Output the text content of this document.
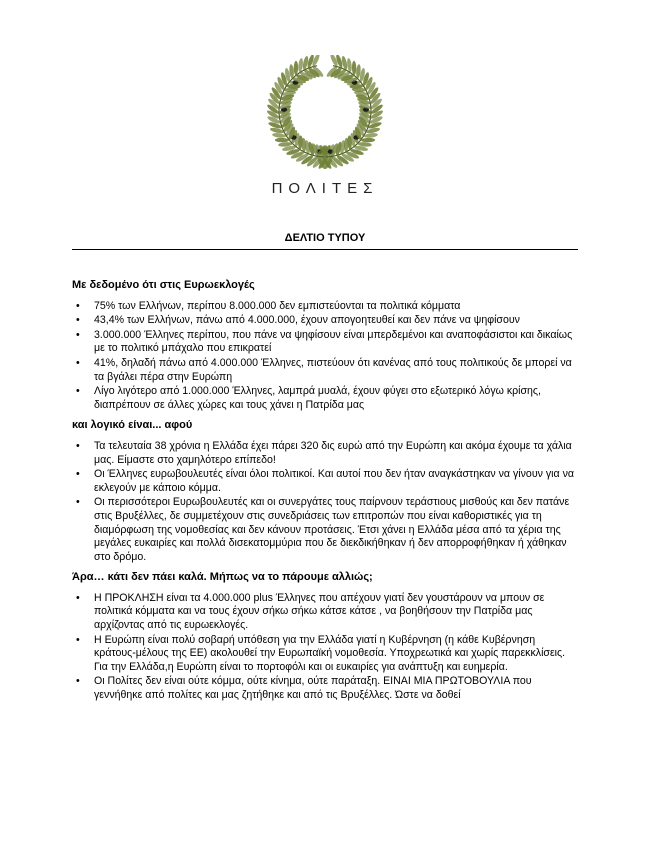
ΠΟΛΙΤΕΣ
ΔΕΛΤΙΟ ΤΥΠΟΥ
Με δεδομένο ότι στις Ευρωεκλογές
• 75% των Ελλήνων, περίπου 8.000.000 δεν εμπιστεύονται τα πολιτικά κόμματα
• 43,4% των Ελλήνων, πάνω από 4.000.000, έχουν απογοητευθεί και δεν πάνε να ψηφίσουν
• 3.000.000 Έλληνες περίπου, που πάνε να ψηφίσουν είναι μπερδεμένοι και αναποφάσιστοι και δικαίως με το πολιτικό μπάχαλο που επικρατεί
• 41%, δηλαδή πάνω από 4.000.000 Έλληνες, πιστεύουν ότι κανένας από τους πολιτικούς δε μπορεί να τα βγάλει πέρα στην Ευρώπη
• Λίγο λιγότερο από 1.000.000 Έλληνες, λαμπρά μυαλά, έχουν φύγει στο εξωτερικό λόγω κρίσης, διαπρέπουν σε άλλες χώρες και τους χάνει η Πατρίδα μας
και λογικό είναι... αφού
• Τα τελευταία 38 χρόνια η Ελλάδα έχει πάρει 320 δις ευρώ από την Ευρώπη και ακόμα έχουμε τα χάλια μας. Είμαστε στο χαμηλότερο επίπεδο!
• Οι Έλληνες ευρωβουλευτές είναι όλοι πολιτικοί. Και αυτοί που δεν ήταν αναγκάστηκαν να γίνουν για να εκλεγούν με κάποιο κόμμα.
• Οι περισσότεροι Ευρωβουλευτές και οι συνεργάτες τους παίρνουν τεράστιους μισθούς και δεν πατάνε στις Βρυξέλλες, δε συμμετέχουν στις συνεδριάσεις των επιτροπών που είναι καθοριστικές για τη διαμόρφωση της νομοθεσίας και δεν κάνουν προτάσεις. Έτσι χάνει η Ελλάδα μέσα από τα χέρια της μεγάλες ευκαιρίες και πολλά δισεκατομμύρια που δε διεκδικήθηκαν ή δεν απορροφήθηκαν ή χάθηκαν στο δρόμο.
Άρα… κάτι δεν πάει καλά. Μήπως να το πάρουμε αλλιώς;
• Η ΠΡΟΚΛΗΣΗ είναι τα 4.000.000 plus Έλληνες που απέχουν γιατί δεν γουστάρουν να μπουν σε πολιτικά κόμματα και να τους έχουν σήκω σήκω κάτσε κάτσε , να βοηθήσουν την Πατρίδα μας αρχίζοντας από τις ευρωεκλογές.
• Η Ευρώπη είναι πολύ σοβαρή υπόθεση για την Ελλάδα γιατί η Κυβέρνηση (η κάθε Κυβέρνηση κράτους-μέλους της ΕΕ) ακολουθεί την Ευρωπαϊκή νομοθεσία. Υποχρεωτικά και χωρίς παρεκκλίσεις. Για την Ελλάδα,η Ευρώπη είναι το πορτοφόλι και οι ευκαιρίες για ανάπτυξη και ευημερία.
• Οι Πολίτες δεν είναι ούτε κόμμα, ούτε κίνημα, ούτε παράταξη. ΕΙΝΑΙ ΜΙΑ ΠΡΩΤΟΒΟΥΛΙΑ που γεννήθηκε από πολίτες και μας ζητήθηκε και από τις Βρυξέλλες. Ώστε να δοθεί
